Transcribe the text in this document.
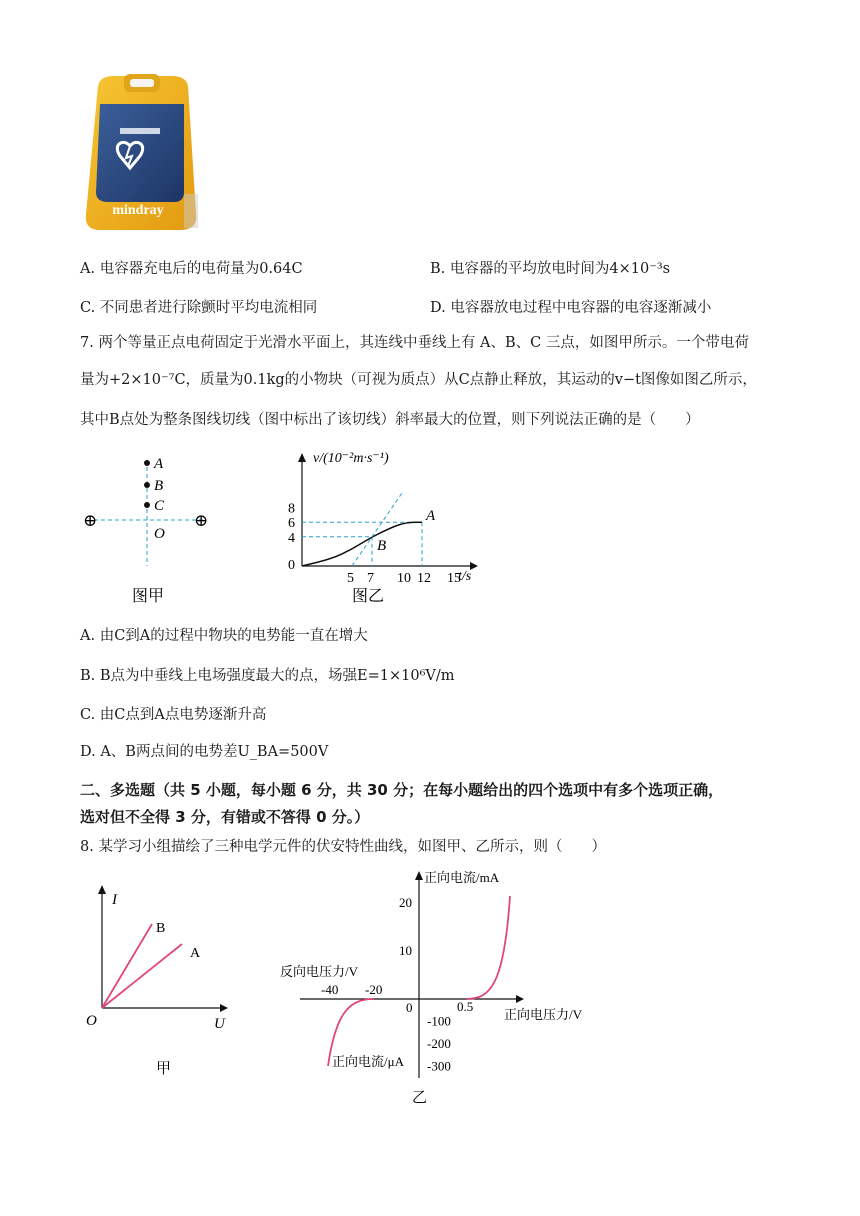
mindray
A. 电容器充电后的电荷量为0.64C	B. 电容器的平均放电时间为4×10⁻³s
C. 不同患者进行除颤时平均电流相同	D. 电容器放电过程中电容器的电容逐渐减小
7. 两个等量正点电荷固定于光滑水平面上，其连线中垂线上有 A、B、C 三点，如图甲所示。一个带电荷
量为+2×10⁻⁷C，质量为0.1kg的小物块（可视为质点）从C点静止释放，其运动的v−t图像如图乙所示，
其中B点处为整条图线切线（图中标出了该切线）斜率最大的位置，则下列说法正确的是（　　）
A
B
C
O
⊕	⊕
图甲
0
5 7 10 12 15
4
6
8
v/(10⁻²m·s⁻¹)
t/s
A
B
图乙
A. 由C到A的过程中物块的电势能一直在增大
B. B点为中垂线上电场强度最大的点，场强E=1×10⁶V/m
C. 由C点到A点电势逐渐升高
D. A、B两点间的电势差U_BA=500V
二、多选题（共 5 小题，每小题 6 分，共 30 分；在每小题给出的四个选项中有多个选项正确，
选对但不全得 3 分，有错或不答得 0 分。）
8. 某学习小组描绘了三种电学元件的伏安特性曲线，如图甲、乙所示，则（　　）
A
B
I
U
O
甲
正向电流/mA
反向电压力/V
正向电压力/V
正向电流/μA
0	0.5
10
20
-40 -20
-100
-200
-300
乙
